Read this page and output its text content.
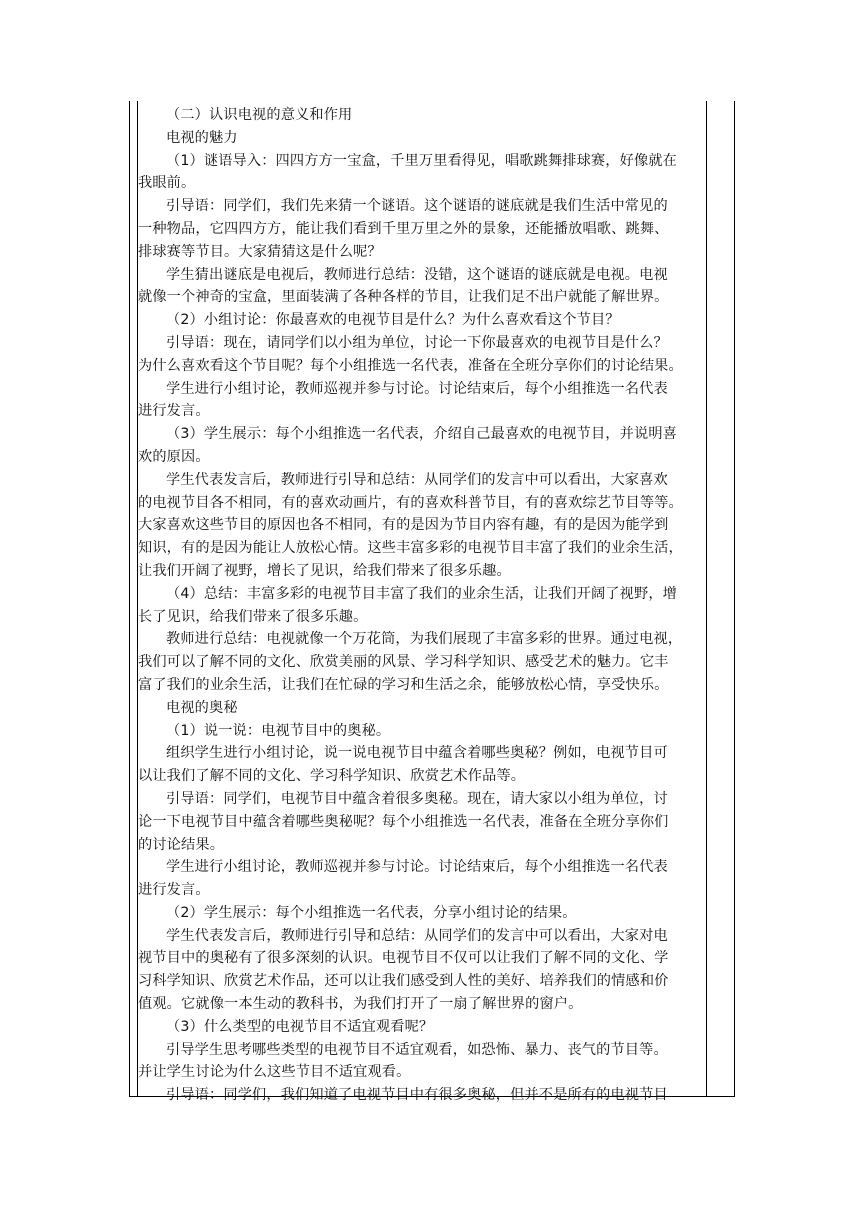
（二）认识电视的意义和作用
电视的魅力
（1）谜语导入：四四方方一宝盒，千里万里看得见，唱歌跳舞排球赛，好像就在
我眼前。
引导语：同学们，我们先来猜一个谜语。这个谜语的谜底就是我们生活中常见的
一种物品，它四四方方，能让我们看到千里万里之外的景象，还能播放唱歌、跳舞、
排球赛等节目。大家猜猜这是什么呢？
学生猜出谜底是电视后，教师进行总结：没错，这个谜语的谜底就是电视。电视
就像一个神奇的宝盒，里面装满了各种各样的节目，让我们足不出户就能了解世界。
（2）小组讨论：你最喜欢的电视节目是什么？为什么喜欢看这个节目？
引导语：现在，请同学们以小组为单位，讨论一下你最喜欢的电视节目是什么？
为什么喜欢看这个节目呢？每个小组推选一名代表，准备在全班分享你们的讨论结果。
学生进行小组讨论，教师巡视并参与讨论。讨论结束后，每个小组推选一名代表
进行发言。
（3）学生展示：每个小组推选一名代表，介绍自己最喜欢的电视节目，并说明喜
欢的原因。
学生代表发言后，教师进行引导和总结：从同学们的发言中可以看出，大家喜欢
的电视节目各不相同，有的喜欢动画片，有的喜欢科普节目，有的喜欢综艺节目等等。
大家喜欢这些节目的原因也各不相同，有的是因为节目内容有趣，有的是因为能学到
知识，有的是因为能让人放松心情。这些丰富多彩的电视节目丰富了我们的业余生活，
让我们开阔了视野，增长了见识，给我们带来了很多乐趣。
（4）总结：丰富多彩的电视节目丰富了我们的业余生活，让我们开阔了视野，增
长了见识，给我们带来了很多乐趣。
教师进行总结：电视就像一个万花筒，为我们展现了丰富多彩的世界。通过电视，
我们可以了解不同的文化、欣赏美丽的风景、学习科学知识、感受艺术的魅力。它丰
富了我们的业余生活，让我们在忙碌的学习和生活之余，能够放松心情，享受快乐。
电视的奥秘
（1）说一说：电视节目中的奥秘。
组织学生进行小组讨论，说一说电视节目中蕴含着哪些奥秘？例如，电视节目可
以让我们了解不同的文化、学习科学知识、欣赏艺术作品等。
引导语：同学们，电视节目中蕴含着很多奥秘。现在，请大家以小组为单位，讨
论一下电视节目中蕴含着哪些奥秘呢？每个小组推选一名代表，准备在全班分享你们
的讨论结果。
学生进行小组讨论，教师巡视并参与讨论。讨论结束后，每个小组推选一名代表
进行发言。
（2）学生展示：每个小组推选一名代表，分享小组讨论的结果。
学生代表发言后，教师进行引导和总结：从同学们的发言中可以看出，大家对电
视节目中的奥秘有了很多深刻的认识。电视节目不仅可以让我们了解不同的文化、学
习科学知识、欣赏艺术作品，还可以让我们感受到人性的美好、培养我们的情感和价
值观。它就像一本生动的教科书，为我们打开了一扇了解世界的窗户。
（3）什么类型的电视节目不适宜观看呢？
引导学生思考哪些类型的电视节目不适宜观看，如恐怖、暴力、丧气的节目等。
并让学生讨论为什么这些节目不适宜观看。
引导语：同学们，我们知道了电视节目中有很多奥秘，但并不是所有的电视节目
